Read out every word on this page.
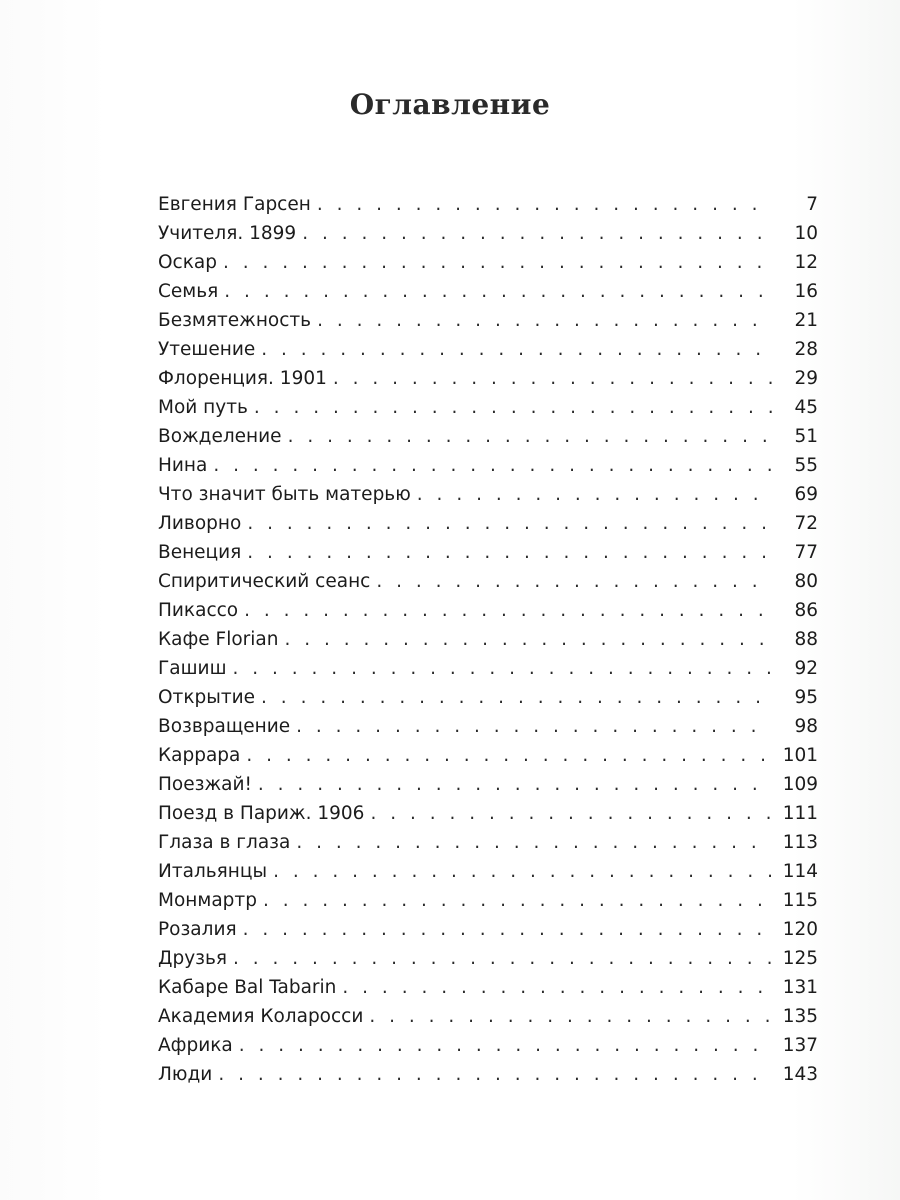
Оглавление
Евгения Гарсен . . .	7
Учителя. 1899 . . .	10
Оскар . . .	12
Семья . . .	16
Безмятежность . . .	21
Утешение . . .	28
Флоренция. 1901 . . .	29
Мой путь . . .	45
Вожделение . . .	51
Нина . . .	55
Что значит быть матерью . . .	69
Ливорно . . .	72
Венеция . . .	77
Спиритический сеанс . . .	80
Пикассо . . .	86
Кафе Florian . . .	88
Гашиш . . .	92
Открытие . . .	95
Возвращение . . .	98
Каррара . . .	101
Поезжай! . . .	109
Поезд в Париж. 1906 . . .	111
Глаза в глаза . . .	113
Итальянцы . . .	114
Монмартр . . .	115
Розалия . . .	120
Друзья . . .	125
Кабаре Bal Tabarin . . .	131
Академия Коларосси . . .	135
Африка . . .	137
Люди . . .	143
